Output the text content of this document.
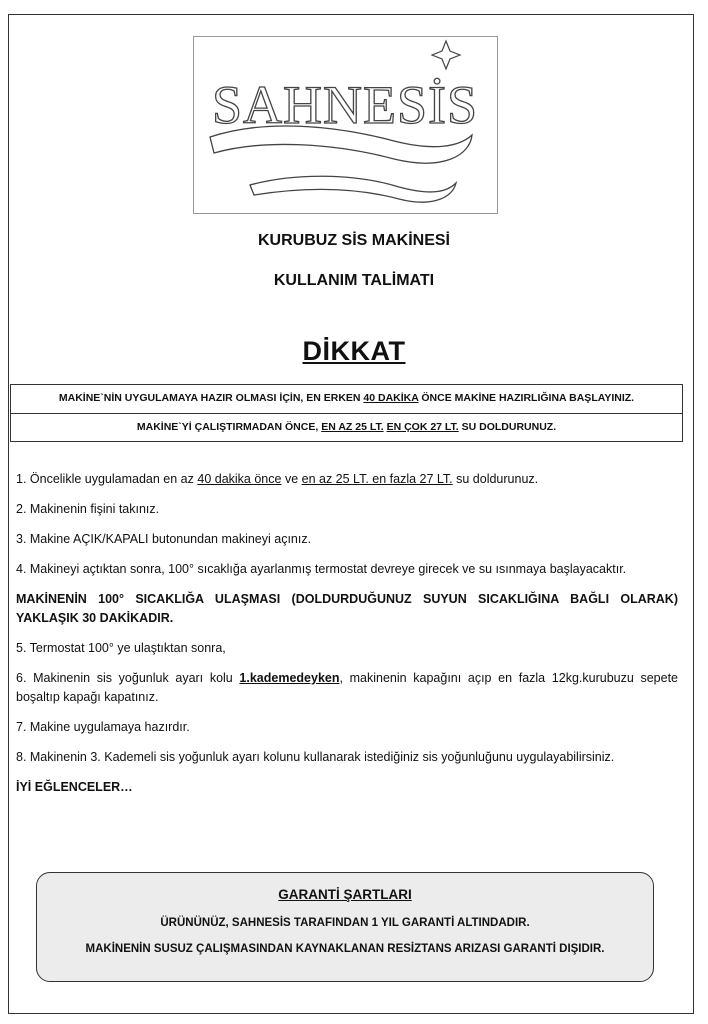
SAHNESİS
KURUBUZ SİS MAKİNESİ
KULLANIM TALİMATI
DİKKAT
MAKİNE`NİN UYGULAMAYA HAZIR OLMASI İÇİN, EN ERKEN 40 DAKİKA ÖNCE MAKİNE HAZIRLIĞINA BAŞLAYINIZ.
MAKİNE`Yİ ÇALIŞTIRMADAN ÖNCE, EN AZ 25 LT. EN ÇOK 27 LT. SU DOLDURUNUZ.

1. Öncelikle uygulamadan en az 40 dakika önce ve en az 25 LT. en fazla 27 LT. su doldurunuz.

2. Makinenin fişini takınız.

3. Makine AÇIK/KAPALI butonundan makineyi açınız.

4. Makineyi açtıktan sonra, 100° sıcaklığa ayarlanmış termostat devreye girecek ve su ısınmaya başlayacaktır.

MAKİNENİN 100° SICAKLIĞA ULAŞMASI (DOLDURDUĞUNUZ SUYUN SICAKLIĞINA BAĞLI OLARAK) YAKLAŞIK 30 DAKİKADIR.

5. Termostat 100° ye ulaştıktan sonra,

6. Makinenin sis yoğunluk ayarı kolu 1.kademedeyken, makinenin kapağını açıp en fazla 12kg.kurubuzu sepete boşaltıp kapağı kapatınız.

7. Makine uygulamaya hazırdır.

8. Makinenin 3. Kademeli sis yoğunluk ayarı kolunu kullanarak istediğiniz sis yoğunluğunu uygulayabilirsiniz.

İYİ EĞLENCELER…

GARANTİ ŞARTLARI
ÜRÜNÜNÜZ, SAHNESİS TARAFINDAN 1 YIL GARANTİ ALTINDADIR.
MAKİNENİN SUSUZ ÇALIŞMASINDAN KAYNAKLANAN RESİZTANS ARIZASI GARANTİ DIŞIDIR.
